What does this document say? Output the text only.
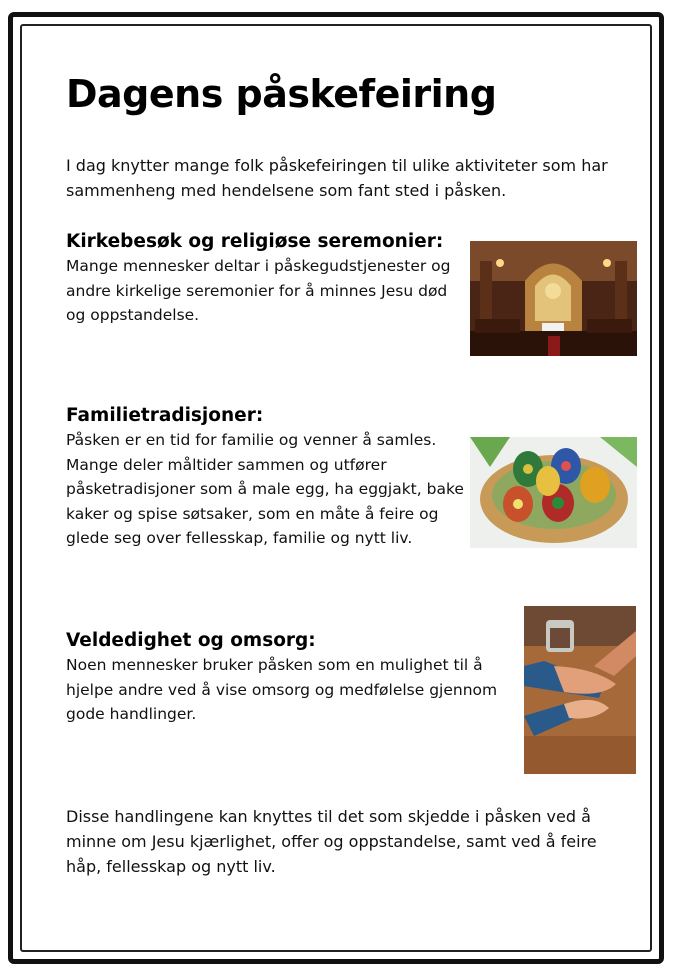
Dagens påskefeiring

I dag knytter mange folk påskefeiringen til ulike aktiviteter som har sammenheng med hendelsene som fant sted i påsken.

Kirkebesøk og religiøse seremonier:

Mange mennesker deltar i påskegudstjenester og andre kirkelige seremonier for å minnes Jesu død og oppstandelse.

Familietradisjoner:

Påsken er en tid for familie og venner å samles. Mange deler måltider sammen og utfører påsketradisjoner som å male egg, ha eggjakt, bake kaker og spise søtsaker, som en måte å feire og glede seg over fellesskap, familie og nytt liv.

Veldedighet og omsorg:

Noen mennesker bruker påsken som en mulighet til å hjelpe andre ved å vise omsorg og medfølelse gjennom gode handlinger.

Disse handlingene kan knyttes til det som skjedde i påsken ved å minne om Jesu kjærlighet, offer og oppstandelse, samt ved å feire håp, fellesskap og nytt liv.
